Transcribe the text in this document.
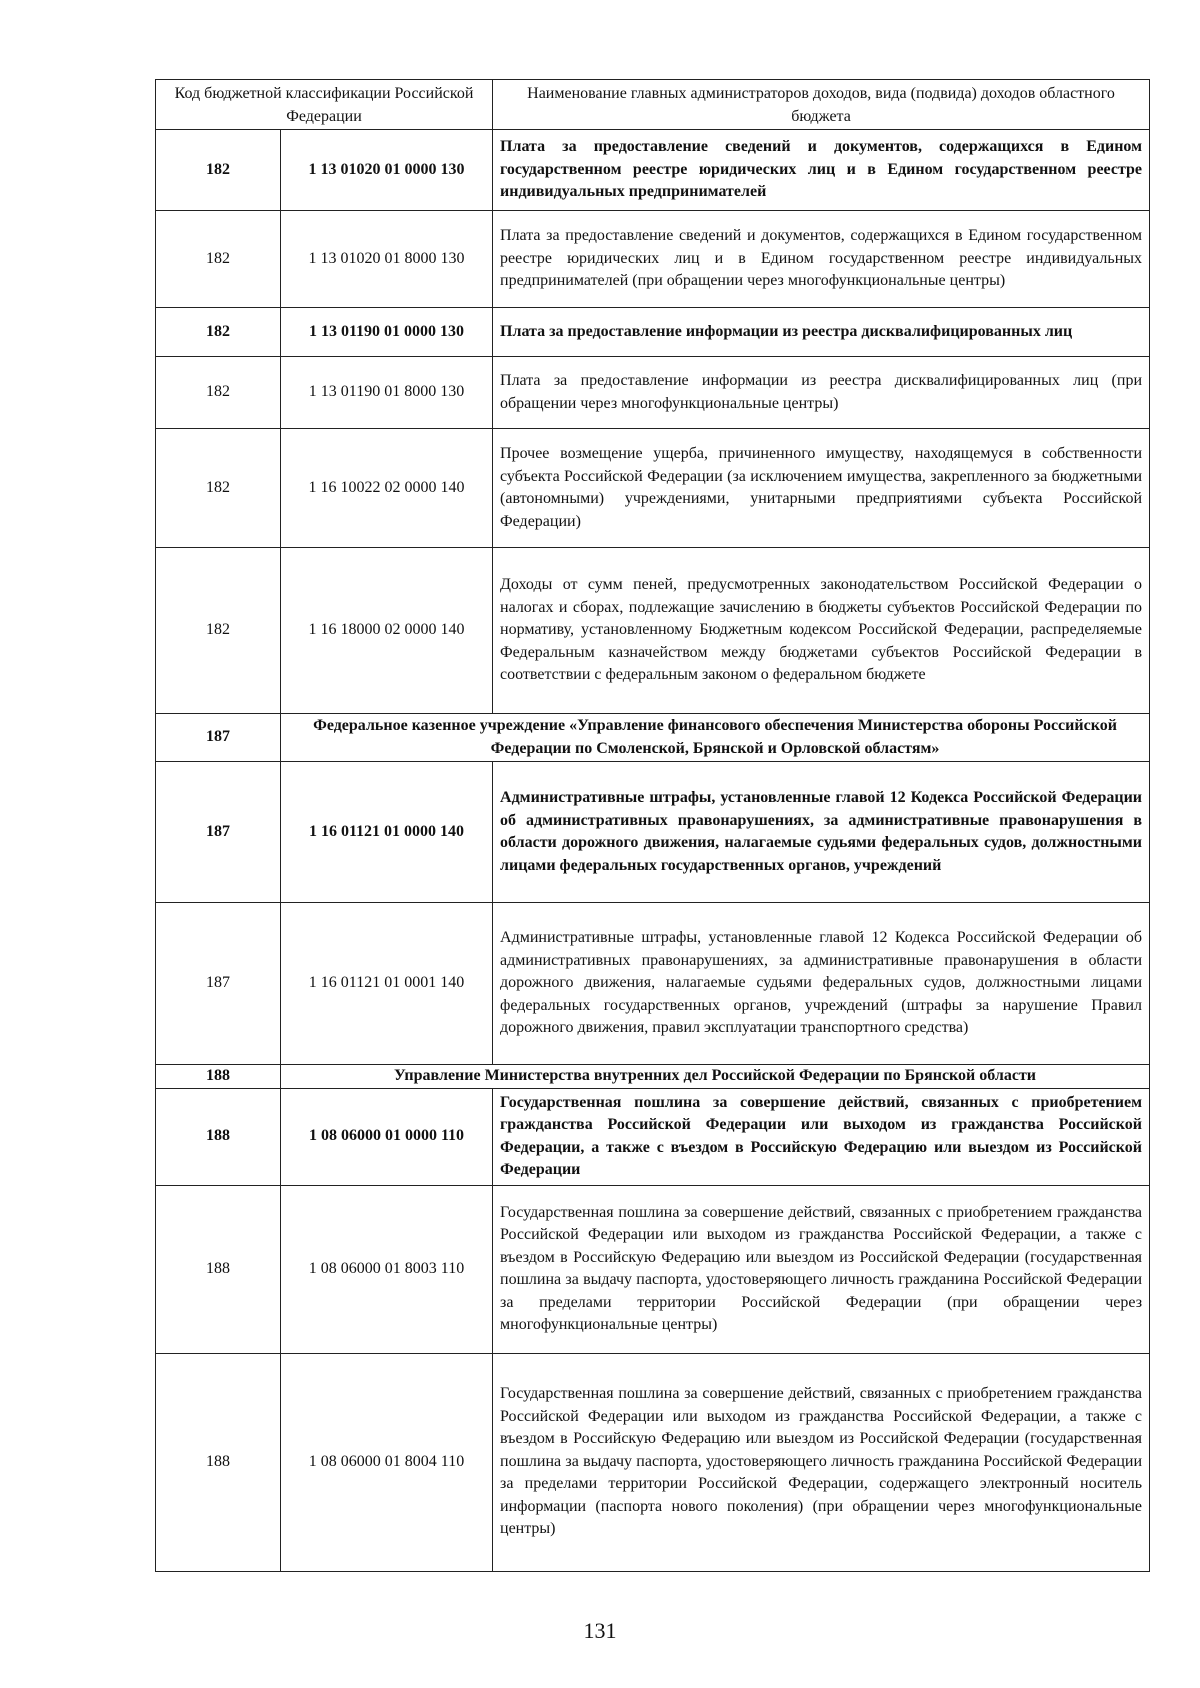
Код бюджетной классификации Российской Федерации		Наименование главных администраторов доходов, вида (подвида) доходов областного бюджета
182	1 13 01020 01 0000 130	Плата за предоставление сведений и документов, содержащихся в Едином государственном реестре юридических лиц и в Едином государственном реестре индивидуальных предпринимателей
182	1 13 01020 01 8000 130	Плата за предоставление сведений и документов, содержащихся в Едином государственном реестре юридических лиц и в Едином государственном реестре индивидуальных предпринимателей (при обращении через многофункциональные центры)
182	1 13 01190 01 0000 130	Плата за предоставление информации из реестра дисквалифицированных лиц
182	1 13 01190 01 8000 130	Плата за предоставление информации из реестра дисквалифицированных лиц (при обращении через многофункциональные центры)
182	1 16 10022 02 0000 140	Прочее возмещение ущерба, причиненного имуществу, находящемуся в собственности субъекта Российской Федерации (за исключением имущества, закрепленного за бюджетными (автономными) учреждениями, унитарными предприятиями субъекта Российской Федерации)
182	1 16 18000 02 0000 140	Доходы от сумм пеней, предусмотренных законодательством Российской Федерации о налогах и сборах, подлежащие зачислению в бюджеты субъектов Российской Федерации по нормативу, установленному Бюджетным кодексом Российской Федерации, распределяемые Федеральным казначейством между бюджетами субъектов Российской Федерации в соответствии с федеральным законом о федеральном бюджете
187	Федеральное казенное учреждение «Управление финансового обеспечения Министерства обороны Российской Федерации по Смоленской, Брянской и Орловской областям»	
187	1 16 01121 01 0000 140	Административные штрафы, установленные главой 12 Кодекса Российской Федерации об административных правонарушениях, за административные правонарушения в области дорожного движения, налагаемые судьями федеральных судов, должностными лицами федеральных государственных органов, учреждений
187	1 16 01121 01 0001 140	Административные штрафы, установленные главой 12 Кодекса Российской Федерации об административных правонарушениях, за административные правонарушения в области дорожного движения, налагаемые судьями федеральных судов, должностными лицами федеральных государственных органов, учреждений (штрафы за нарушение Правил дорожного движения, правил эксплуатации транспортного средства)
188	Управление Министерства внутренних дел Российской Федерации по Брянской области	
188	1 08 06000 01 0000 110	Государственная пошлина за совершение действий, связанных с приобретением гражданства Российской Федерации или выходом из гражданства Российской Федерации, а также с въездом в Российскую Федерацию или выездом из Российской Федерации
188	1 08 06000 01 8003 110	Государственная пошлина за совершение действий, связанных с приобретением гражданства Российской Федерации или выходом из гражданства Российской Федерации, а также с въездом в Российскую Федерацию или выездом из Российской Федерации (государственная пошлина за выдачу паспорта, удостоверяющего личность гражданина Российской Федерации за пределами территории Российской Федерации (при обращении через многофункциональные центры)
188	1 08 06000 01 8004 110	Государственная пошлина за совершение действий, связанных с приобретением гражданства Российской Федерации или выходом из гражданства Российской Федерации, а также с въездом в Российскую Федерацию или выездом из Российской Федерации (государственная пошлина за выдачу паспорта, удостоверяющего личность гражданина Российской Федерации за пределами территории Российской Федерации, содержащего электронный носитель информации (паспорта нового поколения) (при обращении через многофункциональные центры)
131
